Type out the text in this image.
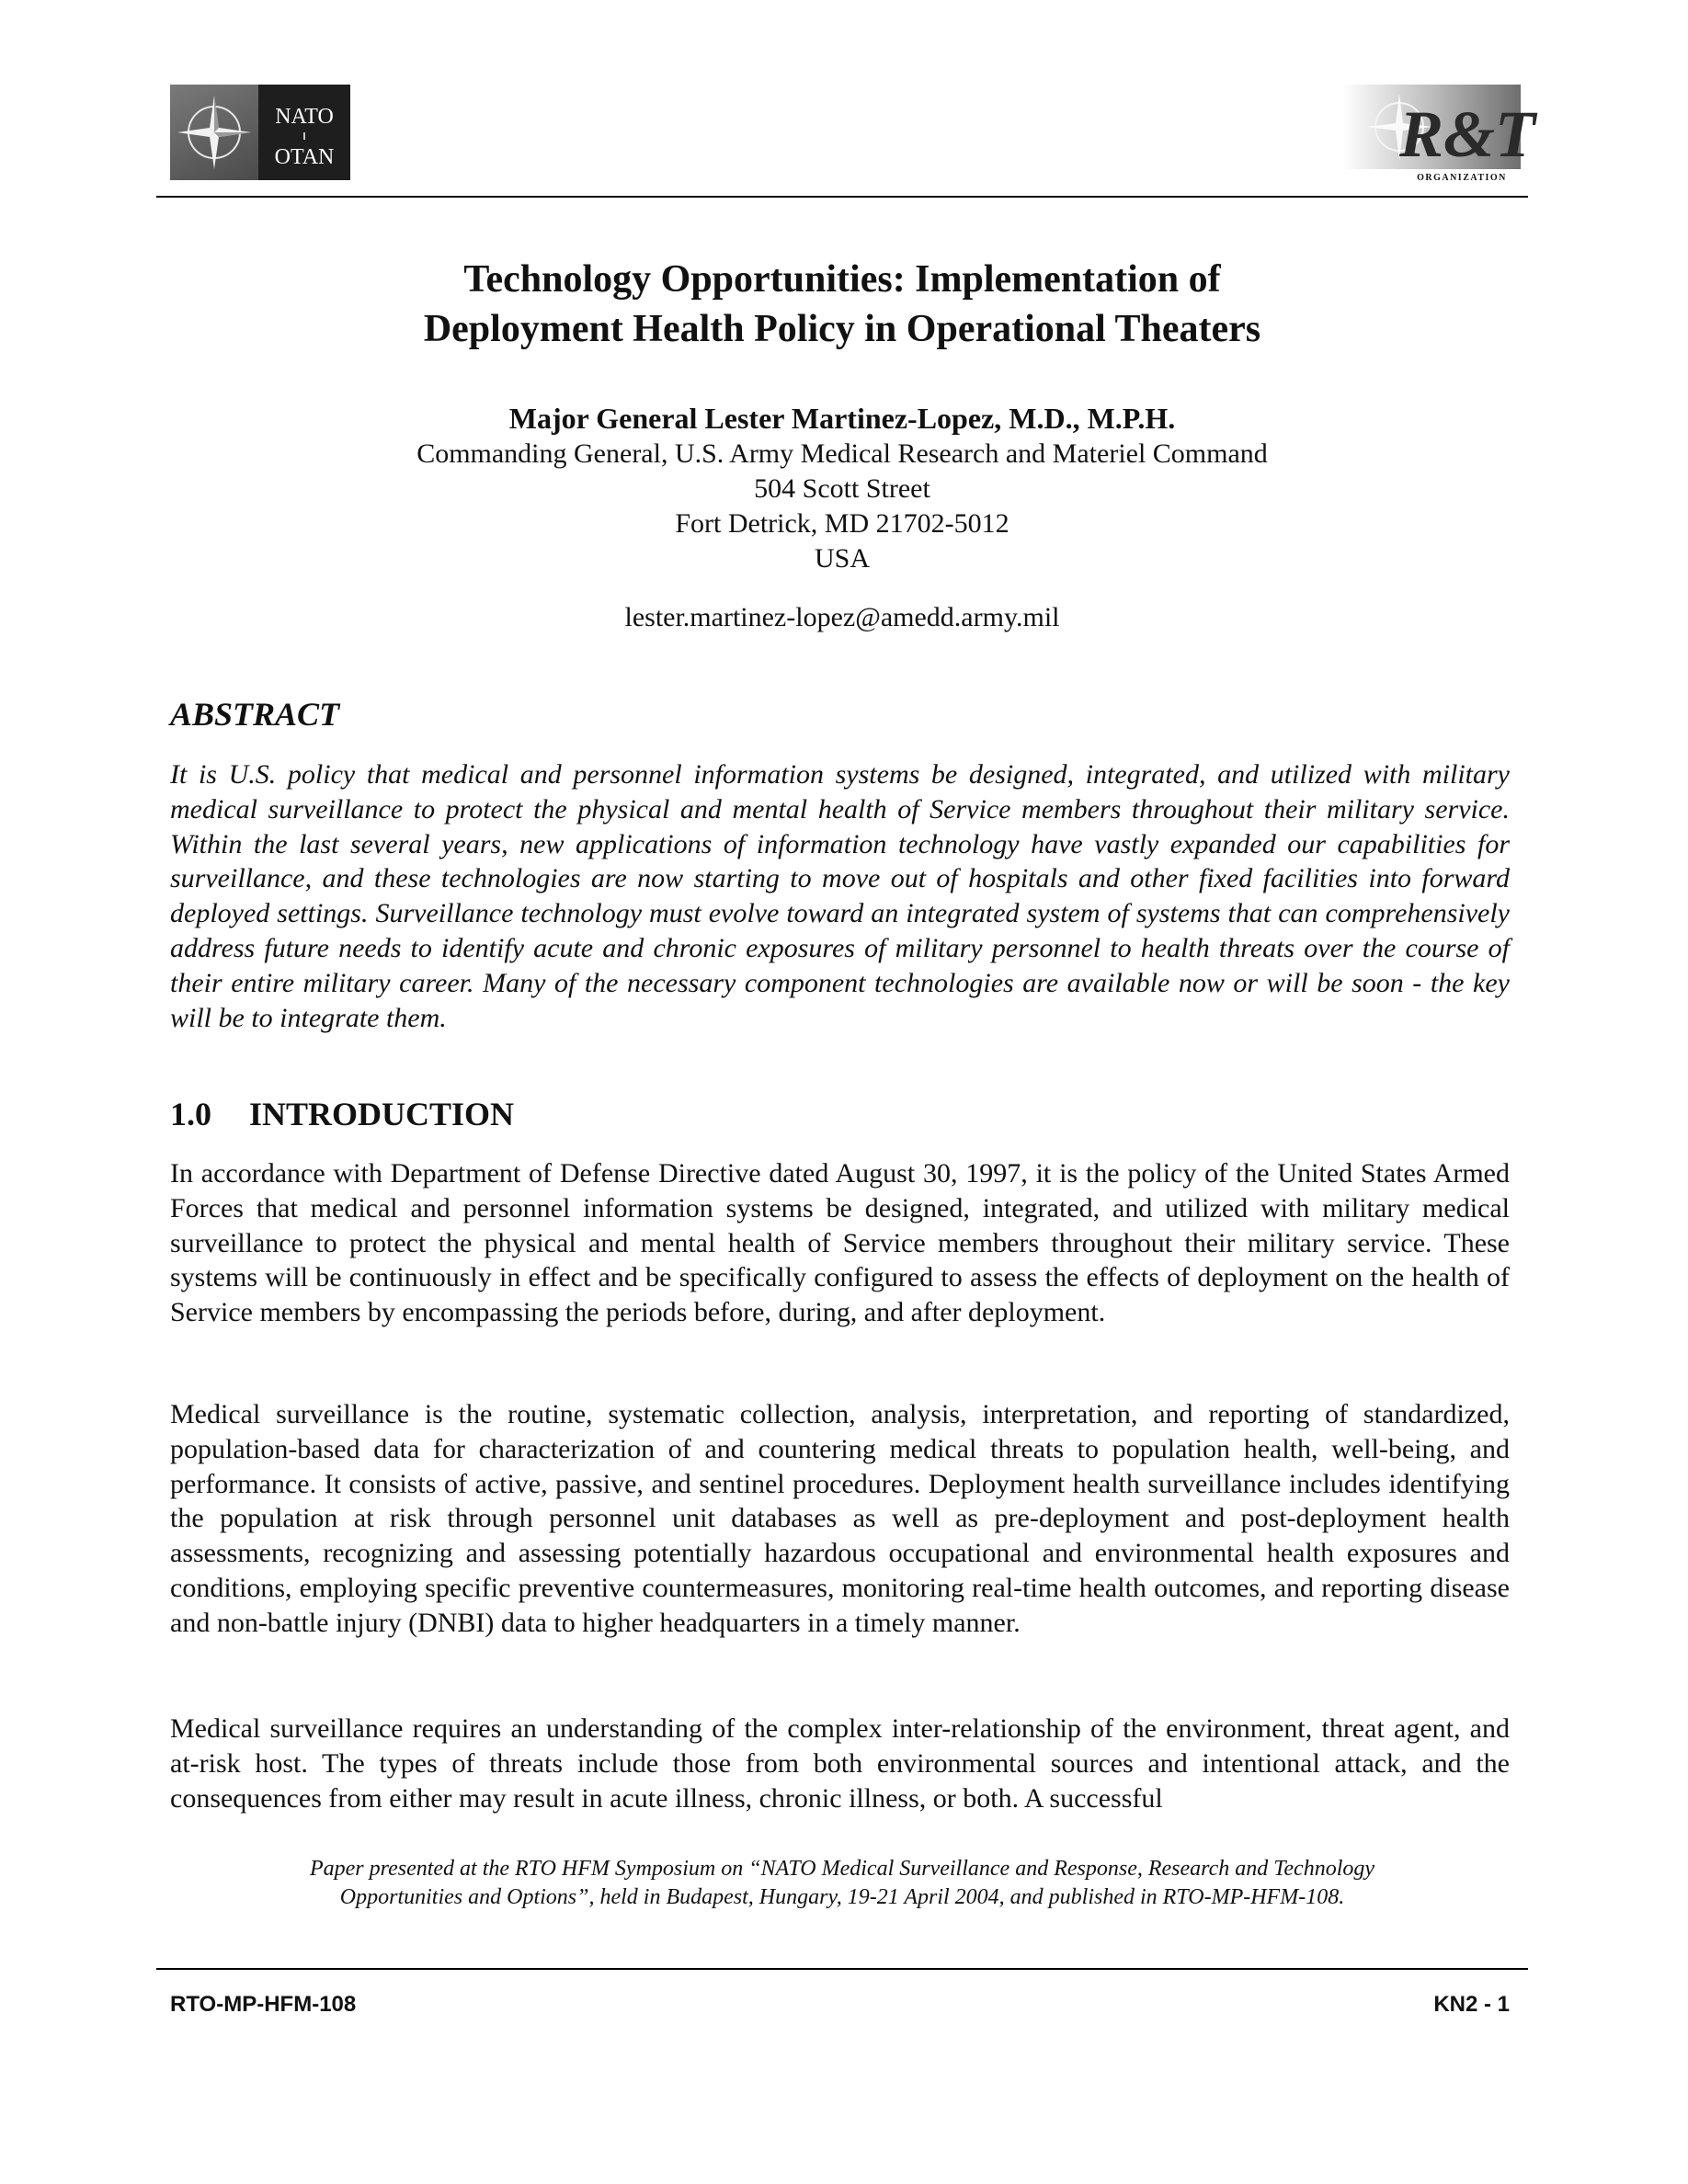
NATO
OTAN	R&T
ORGANIZATION
Technology Opportunities: Implementation of
Deployment Health Policy in Operational Theaters
Major General Lester Martinez-Lopez, M.D., M.P.H.
Commanding General, U.S. Army Medical Research and Materiel Command
504 Scott Street
Fort Detrick, MD 21702-5012
USA
lester.martinez-lopez@amedd.army.mil
ABSTRACT

It is U.S. policy that medical and personnel information systems be designed, integrated, and utilized with military medical surveillance to protect the physical and mental health of Service members throughout their military service. Within the last several years, new applications of information technology have vastly expanded our capabilities for surveillance, and these technologies are now starting to move out of hospitals and other fixed facilities into forward deployed settings. Surveillance technology must evolve toward an integrated system of systems that can comprehensively address future needs to identify acute and chronic exposures of military personnel to health threats over the course of their entire military career. Many of the necessary component technologies are available now or will be soon - the key will be to integrate them.

1.0 INTRODUCTION

In accordance with Department of Defense Directive dated August 30, 1997, it is the policy of the United States Armed Forces that medical and personnel information systems be designed, integrated, and utilized with military medical surveillance to protect the physical and mental health of Service members throughout their military service. These systems will be continuously in effect and be specifically configured to assess the effects of deployment on the health of Service members by encompassing the periods before, during, and after deployment.

Medical surveillance is the routine, systematic collection, analysis, interpretation, and reporting of standardized, population-based data for characterization of and countering medical threats to population health, well-being, and performance. It consists of active, passive, and sentinel procedures. Deployment health surveillance includes identifying the population at risk through personnel unit databases as well as pre-deployment and post-deployment health assessments, recognizing and assessing potentially hazardous occupational and environmental health exposures and conditions, employing specific preventive countermeasures, monitoring real-time health outcomes, and reporting disease and non-battle injury (DNBI) data to higher headquarters in a timely manner.

Medical surveillance requires an understanding of the complex inter-relationship of the environment, threat agent, and at-risk host. The types of threats include those from both environmental sources and intentional attack, and the consequences from either may result in acute illness, chronic illness, or both. A successful

Paper presented at the RTO HFM Symposium on “NATO Medical Surveillance and Response, Research and Technology
Opportunities and Options”, held in Budapest, Hungary, 19-21 April 2004, and published in RTO-MP-HFM-108.
RTO-MP-HFM-108	KN2 - 1
